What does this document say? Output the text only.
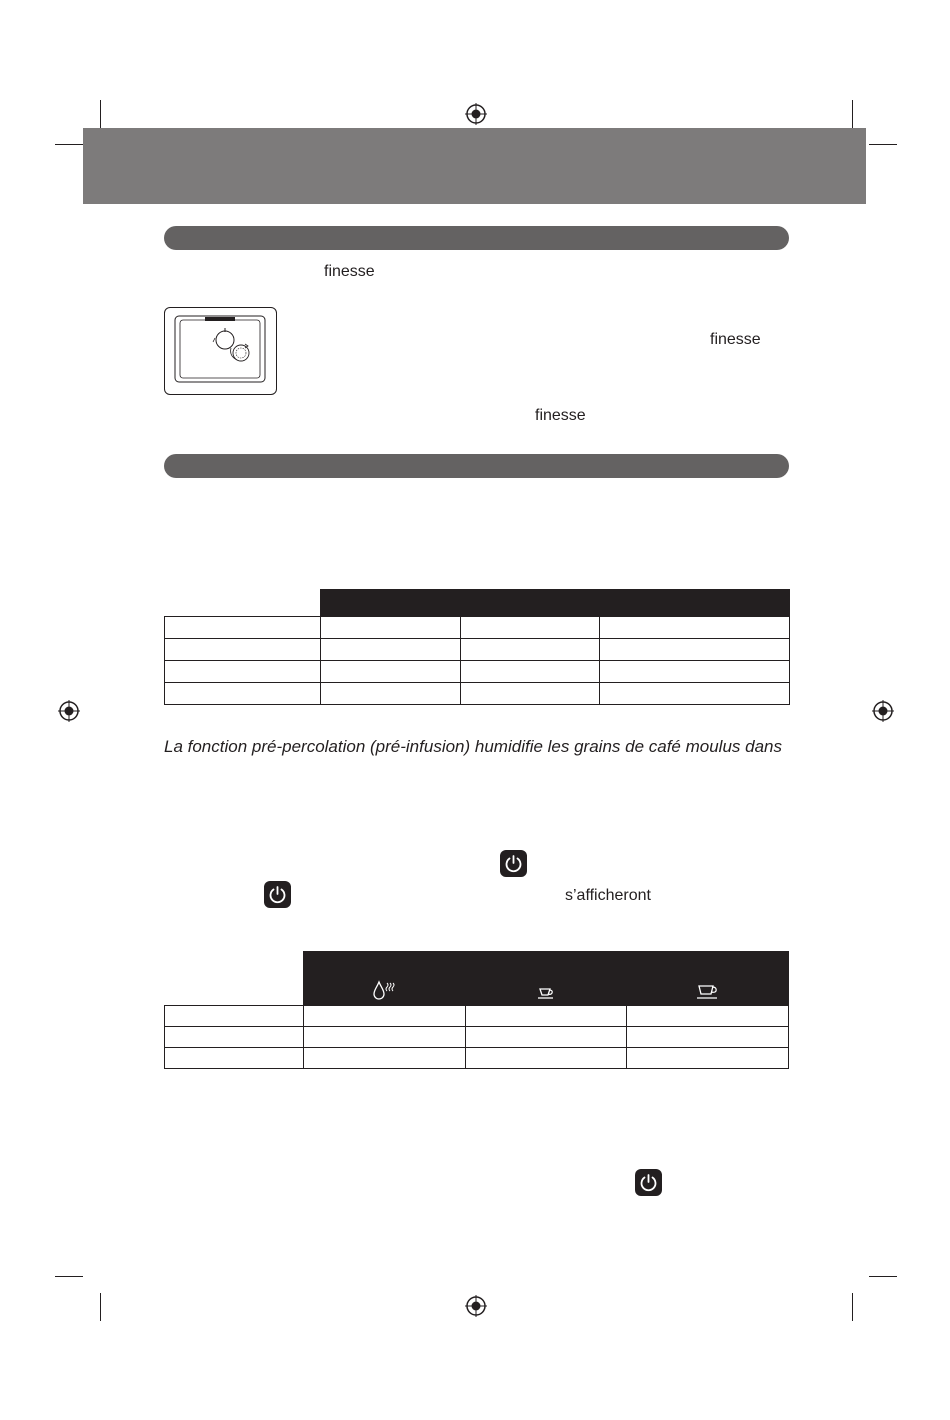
finesse
finesse
finesse

La fonction pré-percolation (pré-infusion) humidifie les grains de café moulus dans
s’afficheront
